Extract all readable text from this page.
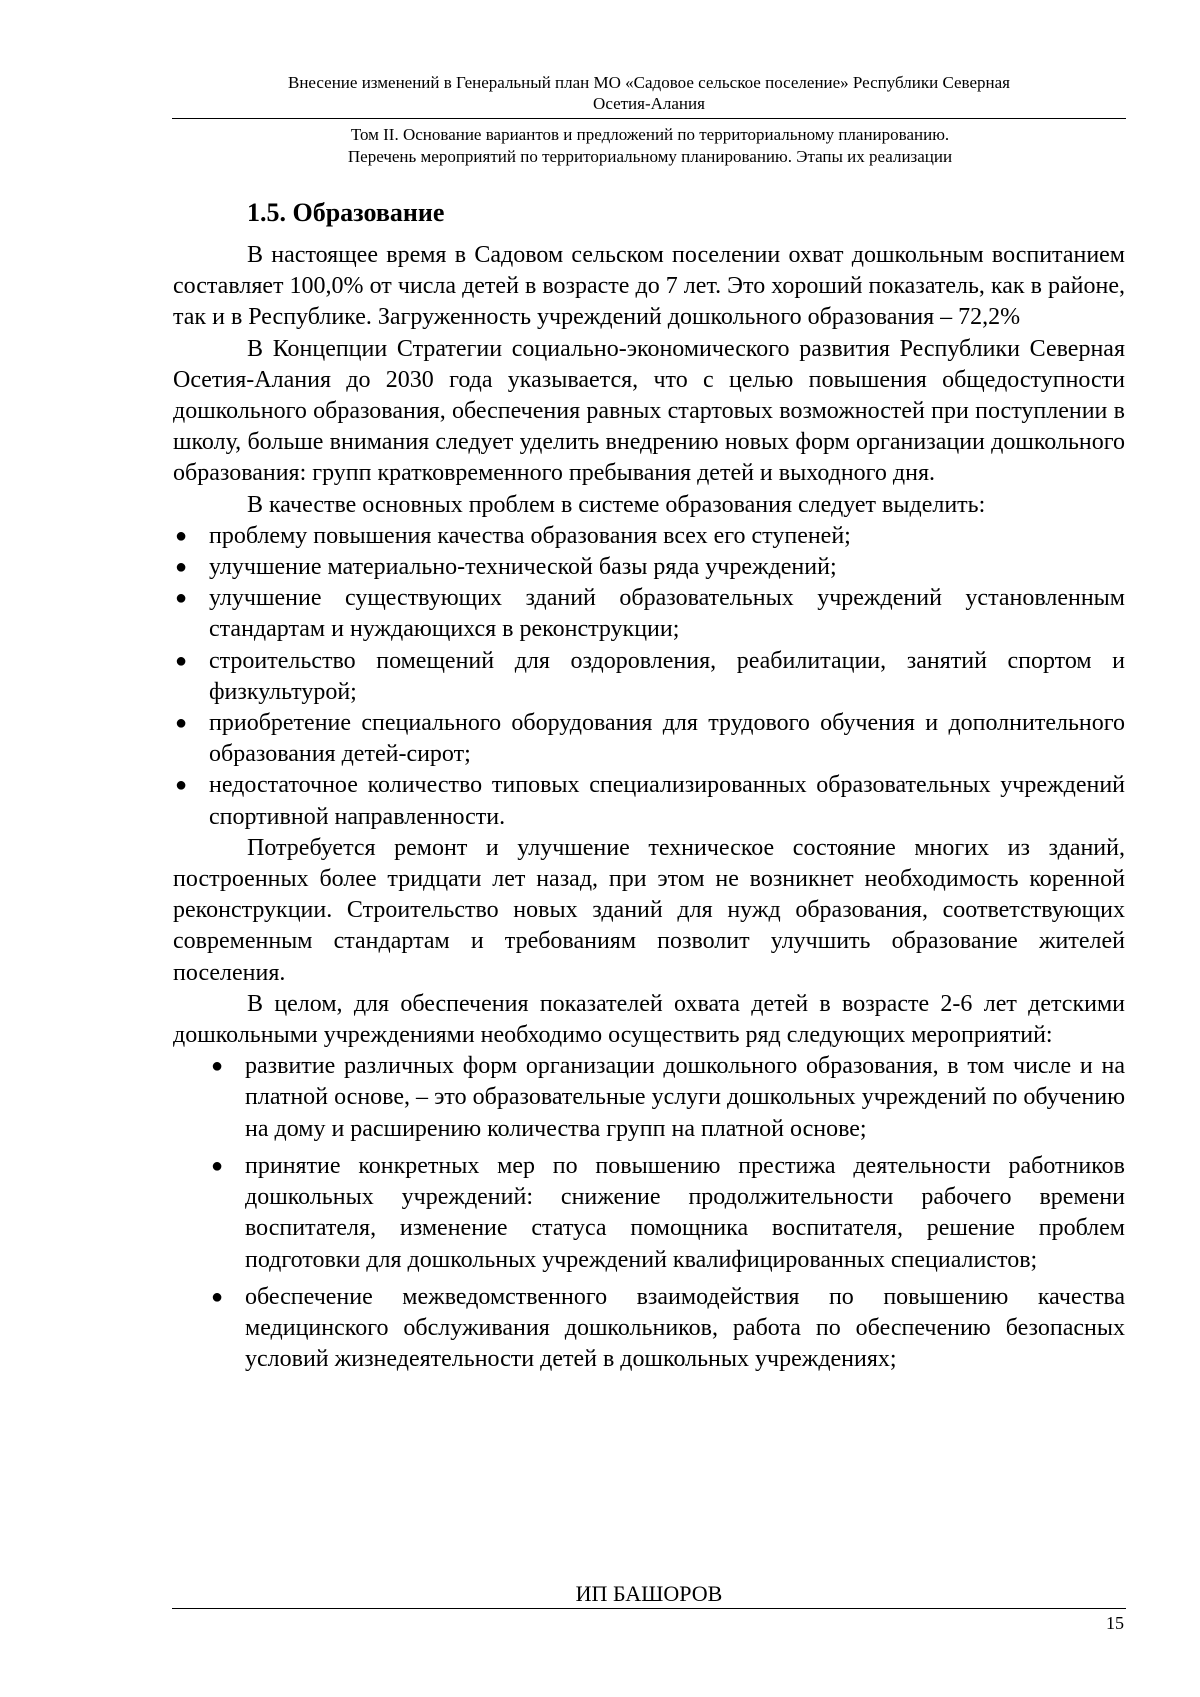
Внесение изменений в Генеральный план МО «Садовое сельское поселение» Республики Северная
Осетия-Алания
Том II. Основание вариантов и предложений по территориальному планированию.
Перечень мероприятий по территориальному планированию. Этапы их реализации
1.5. Образование

В настоящее время в Садовом сельском поселении охват дошкольным воспитанием составляет 100,0% от числа детей в возрасте до 7 лет. Это хороший показатель, как в районе, так и в Республике. Загруженность учреждений дошкольного образования – 72,2%

В Концепции Стратегии социально-экономического развития Республики Северная Осетия-Алания до 2030 года указывается, что с целью повышения общедоступности дошкольного образования, обеспечения равных стартовых возможностей при поступлении в школу, больше внимания следует уделить внедрению новых форм организации дошкольного образования: групп кратковременного пребывания детей и выходного дня.

В качестве основных проблем в системе образования следует выделить:

● проблему повышения качества образования всех его ступеней;
● улучшение материально-технической базы ряда учреждений;
● улучшение существующих зданий образовательных учреждений установленным стандартам и нуждающихся в реконструкции;
● строительство помещений для оздоровления, реабилитации, занятий спортом и физкультурой;
● приобретение специального оборудования для трудового обучения и дополнительного образования детей-сирот;
● недостаточное количество типовых специализированных образовательных учреждений спортивной направленности.

Потребуется ремонт и улучшение техническое состояние многих из зданий, построенных более тридцати лет назад, при этом не возникнет необходимость коренной реконструкции. Строительство новых зданий для нужд образования, соответствующих современным стандартам и требованиям позволит улучшить образование жителей поселения.

В целом, для обеспечения показателей охвата детей в возрасте 2-6 лет детскими дошкольными учреждениями необходимо осуществить ряд следующих мероприятий:

● развитие различных форм организации дошкольного образования, в том числе и на платной основе, – это образовательные услуги дошкольных учреждений по обучению на дому и расширению количества групп на платной основе;
● принятие конкретных мер по повышению престижа деятельности работников дошкольных учреждений: снижение продолжительности рабочего времени воспитателя, изменение статуса помощника воспитателя, решение проблем подготовки для дошкольных учреждений квалифицированных специалистов;
● обеспечение межведомственного взаимодействия по повышению качества медицинского обслуживания дошкольников, работа по обеспечению безопасных условий жизнедеятельности детей в дошкольных учреждениях;
ИП БАШОРОВ
15
